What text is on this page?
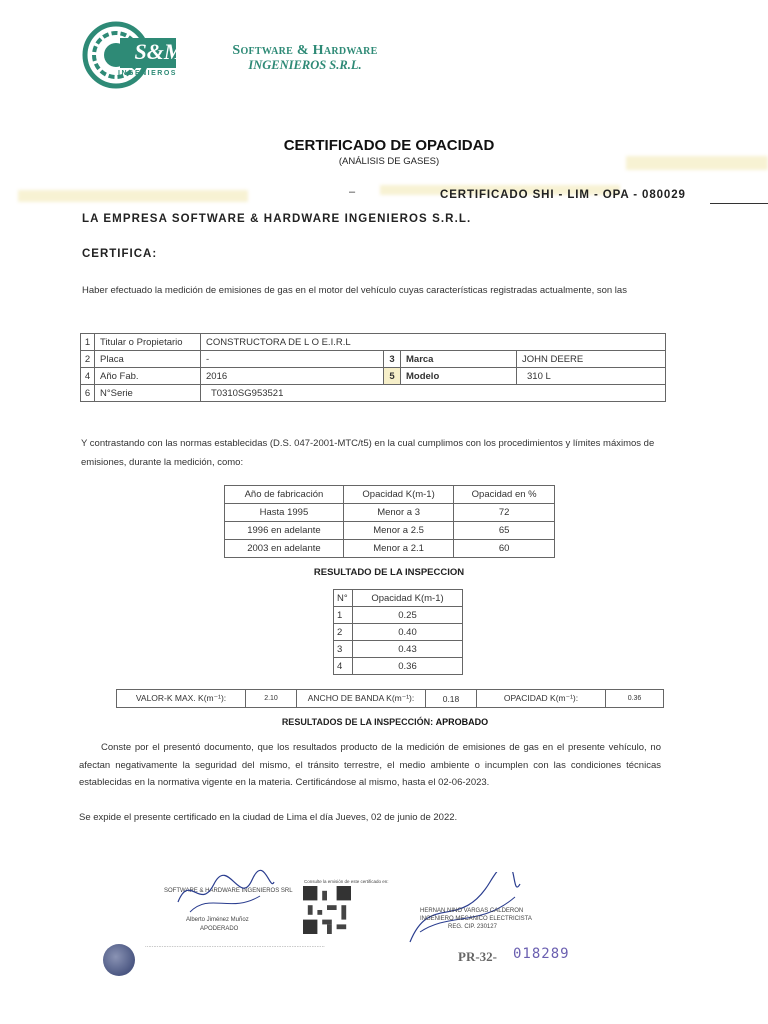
S&M
INGENIEROS
Software & Hardware
INGENIEROS S.R.L.
CERTIFICADO DE OPACIDAD
(ANÁLISIS DE GASES)
–	CERTIFICADO SHI - LIM - OPA - 080029
LA EMPRESA SOFTWARE & HARDWARE INGENIEROS S.R.L.
CERTIFICA:
Haber efectuado la medición de emisiones de gas en el motor del vehículo cuyas características registradas actualmente, son las
1	Titular o Propietario	CONSTRUCTORA DE L O E.I.R.L			
2	Placa	-	3	Marca	JOHN DEERE
4	Año Fab.	2016	5	Modelo	310 L
6	N°Serie	T0310SG953521			
Y contrastando con las normas establecidas (D.S. 047-2001-MTC/t5) en la cual cumplimos con los procedimientos y límites máximos de emisiones, durante la medición, como:
Año de fabricación	Opacidad K(m-1)	Opacidad en %
Hasta 1995	Menor a 3	72
1996 en adelante	Menor a 2.5	65
2003 en adelante	Menor a 2.1	60
RESULTADO DE LA INSPECCION
N°	Opacidad K(m-1)
1	0.25
2	0.40
3	0.43
4	0.36
VALOR-K MAX. K(m⁻¹):	2.10	ANCHO DE BANDA K(m⁻¹):	0.18	OPACIDAD K(m⁻¹):	0.36
RESULTADOS DE LA INSPECCIÓN: APROBADO
Conste por el presentó documento, que los resultados producto de la medición de emisiones de gas en el presente vehículo, no afectan negativamente la seguridad del mismo, el tránsito terrestre, el medio ambiente o incumplen con las condiciones técnicas establecidas en la normativa vigente en la materia. Certificándose al mismo, hasta el 02-06-2023.
Se expide el presente certificado en la ciudad de Lima el día Jueves, 02 de junio de 2022.
SOFTWARE & HARDWARE INGENIEROS SRL
Alberto Jiménez Muñoz
APODERADO
Consulte la emisión de este certificado en:
············································································································
HERNAN NINO VARGAS CALDERON
INGENIERO MECANICO ELECTRICISTA
REG. CIP. 230127
PR-32- 018289
